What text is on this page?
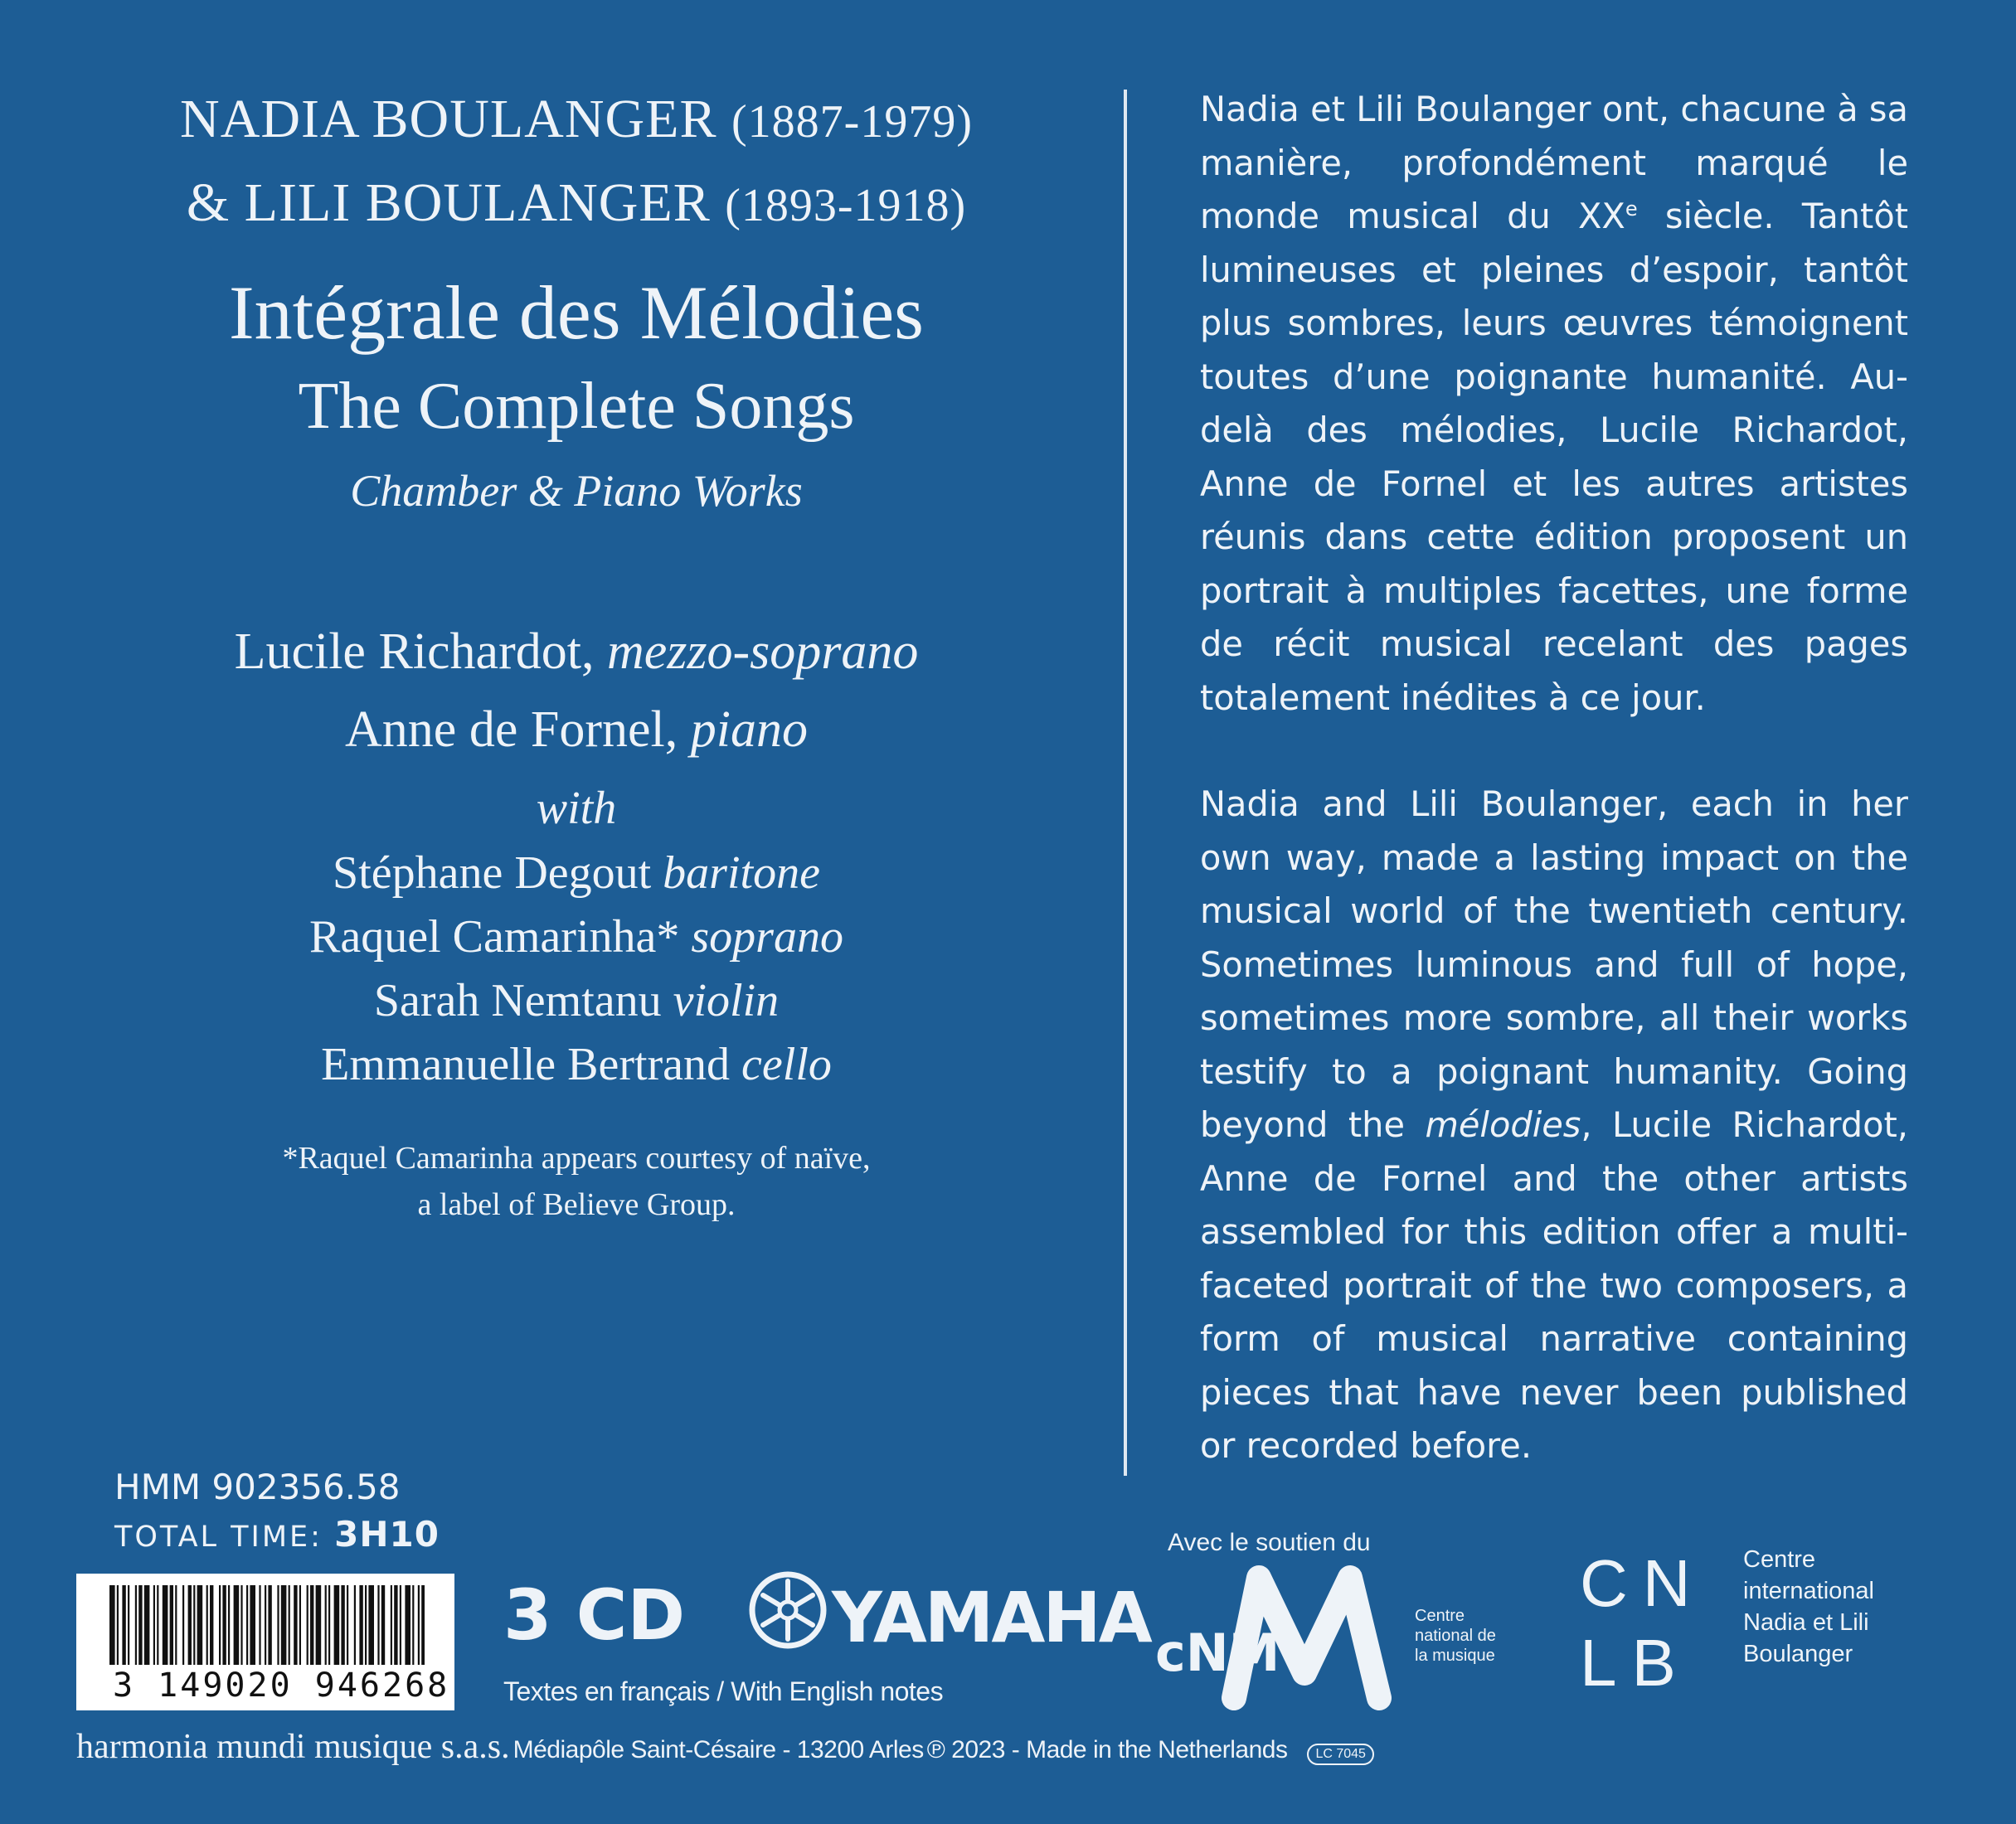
NADIA BOULANGER (1887-1979)
& LILI BOULANGER (1893-1918)
Intégrale des Mélodies
The Complete Songs
Chamber & Piano Works
Lucile Richardot, mezzo-soprano
Anne de Fornel, piano
with
Stéphane Degout baritone
Raquel Camarinha* soprano
Sarah Nemtanu violin
Emmanuelle Bertrand cello
*Raquel Camarinha appears courtesy of naïve,
a label of Believe Group.

Nadia et Lili Boulanger ont, chacune à sa manière, profondément marqué le monde musical du XXe siècle. Tantôt lumineuses et pleines d’espoir, tantôt plus sombres, leurs œuvres témoignent toutes d’une poignante humanité. Au-delà des mélodies, Lucile Richardot, Anne de Fornel et les autres artistes réunis dans cette édition proposent un portrait à multiples facettes, une forme de récit musical recelant des pages totalement inédites à ce jour.

Nadia and Lili Boulanger, each in her own way, made a lasting impact on the musical world of the twentieth century. Sometimes luminous and full of hope, sometimes more sombre, all their works testify to a poignant humanity. Going beyond the mélodies, Lucile Richardot, Anne de Fornel and the other artists assembled for this edition offer a multi-faceted portrait of the two composers, a form of musical narrative containing pieces that have never been published or recorded before.

HMM 902356.58
TOTAL TIME: 3H10
3 149020 946268
3 CD
Textes en français / With English notes
YAMAHA
Avec le soutien du
cNM
Centre
national de
la musique
CN
LB
Centre
international
Nadia et Lili
Boulanger
harmonia mundi musique s.a.s. Médiapôle Saint-Césaire - 13200 Arles ℗ 2023 - Made in the Netherlands LC 7045
